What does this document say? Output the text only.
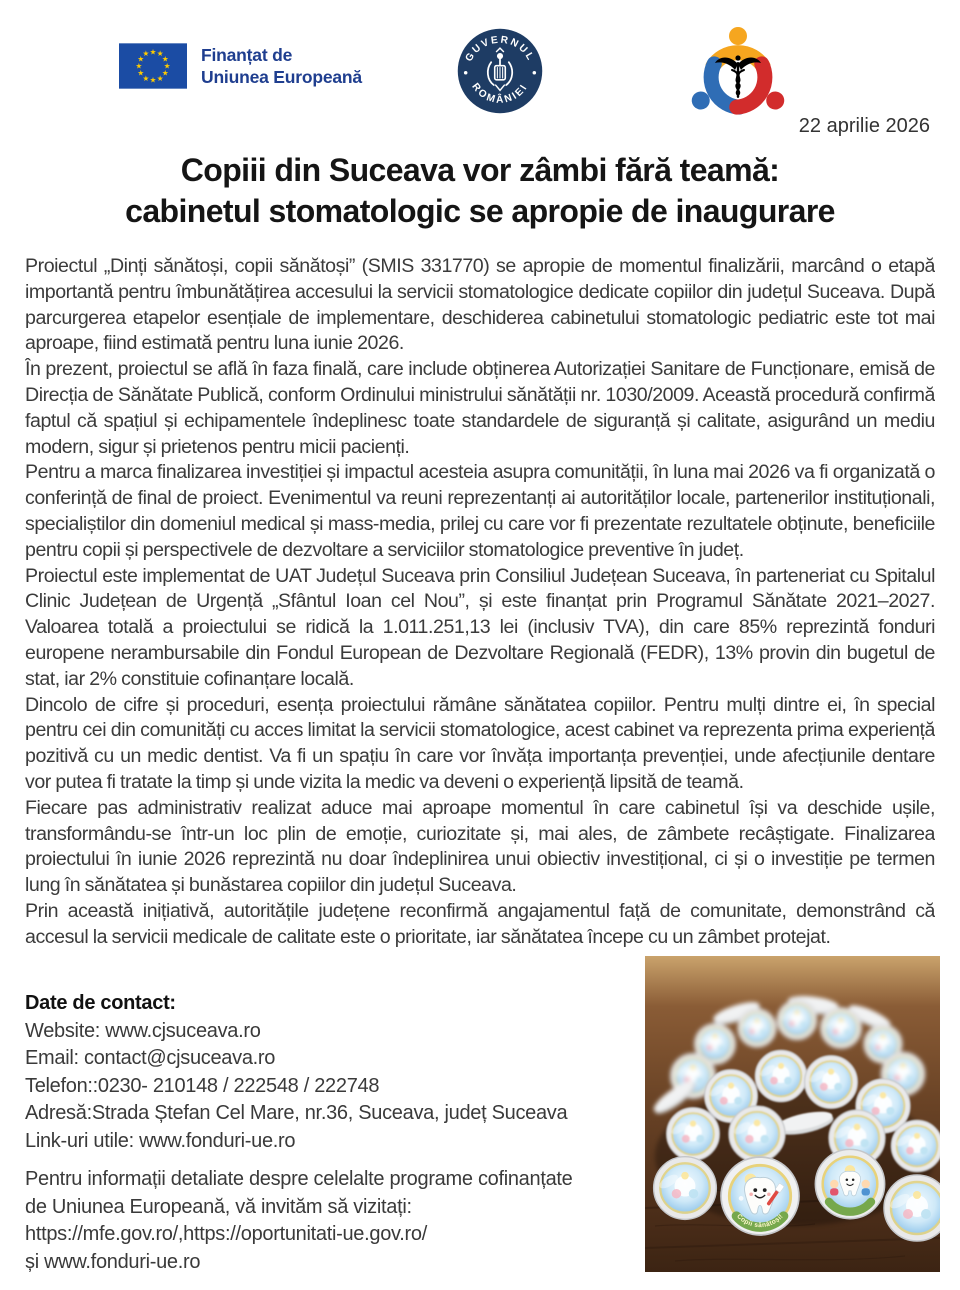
★
★
★
★
★
★
★
★
★ ★ ★
★ Finanțat de
Uniunea Europeană
GUVERNUL
ROMÂNIEI
22 aprilie 2026
Copiii din Suceava vor zâmbi fără teamă:
cabinetul stomatologic se apropie de inaugurare

Proiectul „Dinți sănătoși, copii sănătoși” (SMIS 331770) se apropie de momentul finalizării, marcând o etapă importantă pentru îmbunătățirea accesului la servicii stomatologice dedicate copiilor din județul Suceava. După parcurgerea etapelor esențiale de implementare, deschiderea cabinetului stomatologic pediatric este tot mai aproape, fiind estimată pentru luna iunie 2026.

În prezent, proiectul se află în faza finală, care include obținerea Autorizației Sanitare de Funcționare, emisă de Direcția de Sănătate Publică, conform Ordinului ministrului sănătății nr. 1030/2009. Această procedură confirmă faptul că spațiul și echipamentele îndeplinesc toate standardele de siguranță și calitate, asigurând un mediu modern, sigur și prietenos pentru micii pacienți.

Pentru a marca finalizarea investiției și impactul acesteia asupra comunității, în luna mai 2026 va fi organizată o conferință de final de proiect. Evenimentul va reuni reprezentanți ai autorităților locale, partenerilor instituționali, specialiștilor din domeniul medical și mass-media, prilej cu care vor fi prezentate rezultatele obținute, beneficiile pentru copii și perspectivele de dezvoltare a serviciilor stomatologice preventive în județ.

Proiectul este implementat de UAT Județul Suceava prin Consiliul Județean Suceava, în parteneriat cu Spitalul Clinic Județean de Urgență „Sfântul Ioan cel Nou”, și este finanțat prin Programul Sănătate 2021–2027. Valoarea totală a proiectului se ridică la 1.011.251,13 lei (inclusiv TVA), din care 85% reprezintă fonduri europene nerambursabile din Fondul European de Dezvoltare Regională (FEDR), 13% provin din bugetul de stat, iar 2% constituie cofinanțare locală.

Dincolo de cifre și proceduri, esența proiectului rămâne sănătatea copiilor. Pentru mulți dintre ei, în special pentru cei din comunități cu acces limitat la servicii stomatologice, acest cabinet va reprezenta prima experiență pozitivă cu un medic dentist. Va fi un spațiu în care vor învăța importanța prevenției, unde afecțiunile dentare vor putea fi tratate la timp și unde vizita la medic va deveni o experiență lipsită de teamă.

Fiecare pas administrativ realizat aduce mai aproape momentul în care cabinetul își va deschide ușile, transformându-se într-un loc plin de emoție, curiozitate și, mai ales, de zâmbete recâștigate. Finalizarea proiectului în iunie 2026 reprezintă nu doar îndeplinirea unui obiectiv investițional, ci și o investiție pe termen lung în sănătatea și bunăstarea copiilor din județul Suceava.

Prin această inițiativă, autoritățile județene reconfirmă angajamentul față de comunitate, demonstrând că accesul la servicii medicale de calitate este o prioritate, iar sănătatea începe cu un zâmbet protejat.

Date de contact:
Website: www.cjsuceava.ro
Email: contact@cjsuceava.ro
Telefon::0230- 210148 / 222548 / 222748
Adresă:Strada Ștefan Cel Mare, nr.36, Suceava, județ Suceava
Link-uri utile: www.fonduri-ue.ro
Pentru informații detaliate despre celelalte programe cofinanțate
de Uniunea Europeană, vă invităm să vizitați:
https://mfe.gov.ro/,https://oportunitati-ue.gov.ro/
și www.fonduri-ue.ro
Copii sănătoși!
